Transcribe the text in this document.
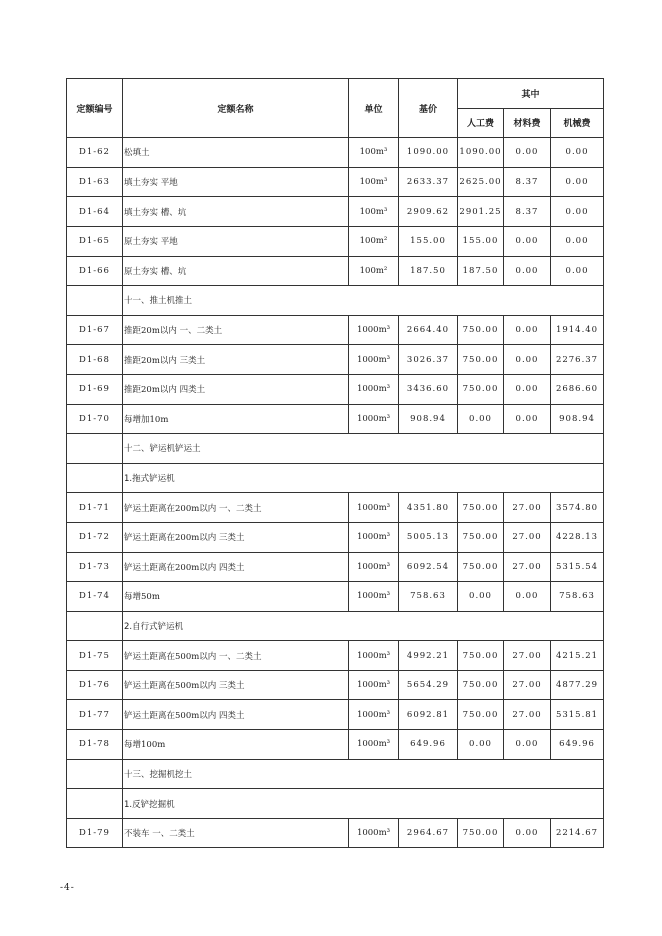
定额编号	定额名称	单位	基价	其中		
				人工费	材料费	机械费
D1-62	松填土	100m³	1090.00	1090.00	0.00	0.00
D1-63	填土夯实 平地	100m³	2633.37	2625.00	8.37	0.00
D1-64	填土夯实 槽、坑	100m³	2909.62	2901.25	8.37	0.00
D1-65	原土夯实 平地	100m²	155.00	155.00	0.00	0.00
D1-66	原土夯实 槽、坑	100m²	187.50	187.50	0.00	0.00
	十一、推土机推土					
D1-67	推距20m以内 一、二类土	1000m³	2664.40	750.00	0.00	1914.40
D1-68	推距20m以内 三类土	1000m³	3026.37	750.00	0.00	2276.37
D1-69	推距20m以内 四类土	1000m³	3436.60	750.00	0.00	2686.60
D1-70	每增加10m	1000m³	908.94	0.00	0.00	908.94
	十二、铲运机铲运土					
	1.拖式铲运机					
D1-71	铲运土距离在200m以内 一、二类土	1000m³	4351.80	750.00	27.00	3574.80
D1-72	铲运土距离在200m以内 三类土	1000m³	5005.13	750.00	27.00	4228.13
D1-73	铲运土距离在200m以内 四类土	1000m³	6092.54	750.00	27.00	5315.54
D1-74	每增50m	1000m³	758.63	0.00	0.00	758.63
	2.自行式铲运机					
D1-75	铲运土距离在500m以内 一、二类土	1000m³	4992.21	750.00	27.00	4215.21
D1-76	铲运土距离在500m以内 三类土	1000m³	5654.29	750.00	27.00	4877.29
D1-77	铲运土距离在500m以内 四类土	1000m³	6092.81	750.00	27.00	5315.81
D1-78	每增100m	1000m³	649.96	0.00	0.00	649.96
	十三、挖掘机挖土					
	1.反铲挖掘机					
D1-79	不装车 一、二类土	1000m³	2964.67	750.00	0.00	2214.67
-4-
